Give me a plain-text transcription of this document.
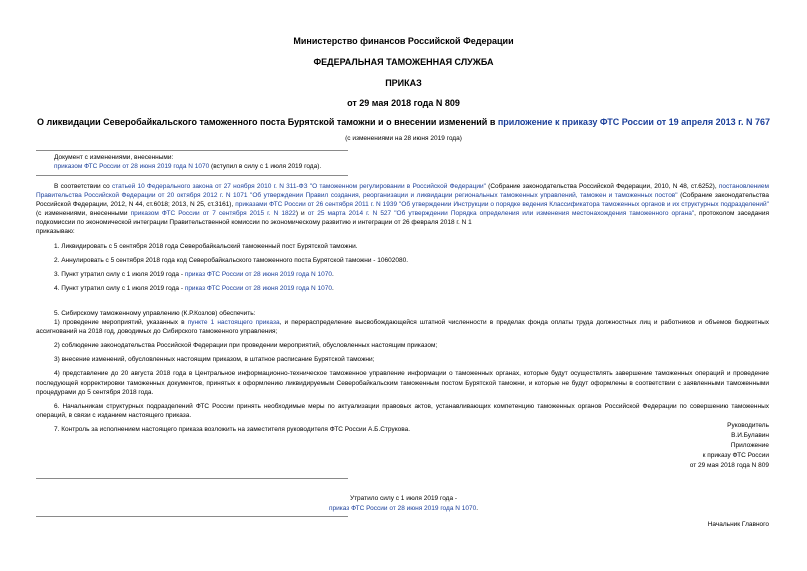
Министерство финансов Российской Федерации
ФЕДЕРАЛЬНАЯ ТАМОЖЕННАЯ СЛУЖБА
ПРИКАЗ
от 29 мая 2018 года N 809
О ликвидации Северобайкальского таможенного поста Бурятской таможни и о внесении изменений в приложение к приказу ФТС России от 19 апреля 2013 г. N 767
(с изменениями на 28 июня 2019 года)
Документ с изменениями, внесенными:
приказом ФТС России от 28 июня 2019 года N 1070 (вступил в силу с 1 июля 2019 года).

В соответствии со статьей 10 Федерального закона от 27 ноября 2010 г. N 311-ФЗ "О таможенном регулировании в Российской Федерации" (Собрание законодательства Российской Федерации, 2010, N 48, ст.6252), постановлением Правительства Российской Федерации от 20 октября 2012 г. N 1071 "Об утверждении Правил создания, реорганизации и ликвидации региональных таможенных управлений, таможен и таможенных постов" (Собрание законодательства Российской Федерации, 2012, N 44, ст.6018; 2013, N 25, ст.3161), приказами ФТС России от 26 сентября 2011 г. N 1939 "Об утверждении Инструкции о порядке ведения Классификатора таможенных органов и их структурных подразделений" (с изменениями, внесенными приказом ФТС России от 7 сентября 2015 г. N 1822) и от 25 марта 2014 г. N 527 "Об утверждении Порядка определения или изменения местонахождения таможенного органа", протоколом заседания подкомиссии по экономической интеграции Правительственной комиссии по экономическому развитию и интеграции от 26 февраля 2018 г. N 1

приказываю:

1. Ликвидировать с 5 сентября 2018 года Северобайкальский таможенный пост Бурятской таможни.

2. Аннулировать с 5 сентября 2018 года код Северобайкальского таможенного поста Бурятской таможни - 10602080.

3. Пункт утратил силу с 1 июля 2019 года - приказ ФТС России от 28 июня 2019 года N 1070.

4. Пункт утратил силу с 1 июля 2019 года - приказ ФТС России от 28 июня 2019 года N 1070.

5. Сибирскому таможенному управлению (К.Р.Козлов) обеспечить:

1) проведение мероприятий, указанных в пункте 1 настоящего приказа, и перераспределение высвобождающейся штатной численности в пределах фонда оплаты труда должностных лиц и работников и объемов бюджетных ассигнований на 2018 год, доводимых до Сибирского таможенного управления;

2) соблюдение законодательства Российской Федерации при проведении мероприятий, обусловленных настоящим приказом;

3) внесение изменений, обусловленных настоящим приказом, в штатное расписание Бурятской таможни;

4) представление до 20 августа 2018 года в Центральное информационно-техническое таможенное управление информации о таможенных органах, которые будут осуществлять завершение таможенных операций и проведение последующей корректировки таможенных документов, принятых к оформлению ликвидируемым Северобайкальским таможенным постом Бурятской таможни, и которые не будут оформлены в соответствии с заявленными таможенными процедурами до 5 сентября 2018 года.

6. Начальникам структурных подразделений ФТС России принять необходимые меры по актуализации правовых актов, устанавливающих компетенцию таможенных органов Российской Федерации по совершению таможенных операций, в связи с изданием настоящего приказа.

7. Контроль за исполнением настоящего приказа возложить на заместителя руководителя ФТС России А.Б.Струкова.

Руководитель
В.И.Булавин
Приложение
к приказу ФТС России
от 29 мая 2018 года N 809
Утратило силу с 1 июля 2019 года -
приказ ФТС России от 28 июня 2019 года N 1070.
Начальник Главного
